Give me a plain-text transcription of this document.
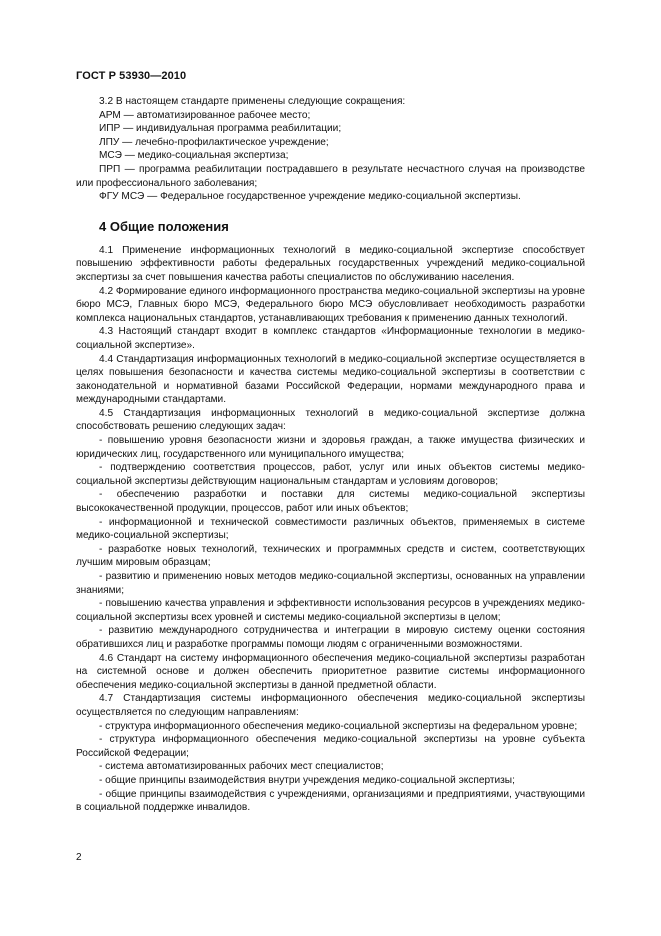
ГОСТ Р 53930—2010

3.2 В настоящем стандарте применены следующие сокращения:

АРМ — автоматизированное рабочее место;

ИПР — индивидуальная программа реабилитации;

ЛПУ — лечебно-профилактическое учреждение;

МСЭ — медико-социальная экспертиза;

ПРП — программа реабилитации пострадавшего в результате несчастного случая на производстве или профессионального заболевания;

ФГУ МСЭ — Федеральное государственное учреждение медико-социальной экспертизы.

4 Общие положения

4.1 Применение информационных технологий в медико-социальной экспертизе способствует повышению эффективности работы федеральных государственных учреждений медико-социальной экспертизы за счет повышения качества работы специалистов по обслуживанию населения.

4.2 Формирование единого информационного пространства медико-социальной экспертизы на уровне бюро МСЭ, Главных бюро МСЭ, Федерального бюро МСЭ обусловливает необходимость разработки комплекса национальных стандартов, устанавливающих требования к применению данных технологий.

4.3 Настоящий стандарт входит в комплекс стандартов «Информационные технологии в медико-социальной экспертизе».

4.4 Стандартизация информационных технологий в медико-социальной экспертизе осуществляется в целях повышения безопасности и качества системы медико-социальной экспертизы в соответствии с законодательной и нормативной базами Российской Федерации, нормами международного права и международными стандартами.

4.5 Стандартизация информационных технологий в медико-социальной экспертизе должна способствовать решению следующих задач:

- повышению уровня безопасности жизни и здоровья граждан, а также имущества физических и юридических лиц, государственного или муниципального имущества;

- подтверждению соответствия процессов, работ, услуг или иных объектов системы медико-социальной экспертизы действующим национальным стандартам и условиям договоров;

- обеспечению разработки и поставки для системы медико-социальной экспертизы высококачественной продукции, процессов, работ или иных объектов;

- информационной и технической совместимости различных объектов, применяемых в системе медико-социальной экспертизы;

- разработке новых технологий, технических и программных средств и систем, соответствующих лучшим мировым образцам;

- развитию и применению новых методов медико-социальной экспертизы, основанных на управлении знаниями;

- повышению качества управления и эффективности использования ресурсов в учреждениях медико-социальной экспертизы всех уровней и системы медико-социальной экспертизы в целом;

- развитию международного сотрудничества и интеграции в мировую систему оценки состояния обратившихся лиц и разработке программы помощи людям с ограниченными возможностями.

4.6 Стандарт на систему информационного обеспечения медико-социальной экспертизы разработан на системной основе и должен обеспечить приоритетное развитие системы информационного обеспечения медико-социальной экспертизы в данной предметной области.

4.7 Стандартизация системы информационного обеспечения медико-социальной экспертизы осуществляется по следующим направлениям:

- структура информационного обеспечения медико-социальной экспертизы на федеральном уровне;

- структура информационного обеспечения медико-социальной экспертизы на уровне субъекта Российской Федерации;

- система автоматизированных рабочих мест специалистов;

- общие принципы взаимодействия внутри учреждения медико-социальной экспертизы;

- общие принципы взаимодействия с учреждениями, организациями и предприятиями, участвующими в социальной поддержке инвалидов.

2
